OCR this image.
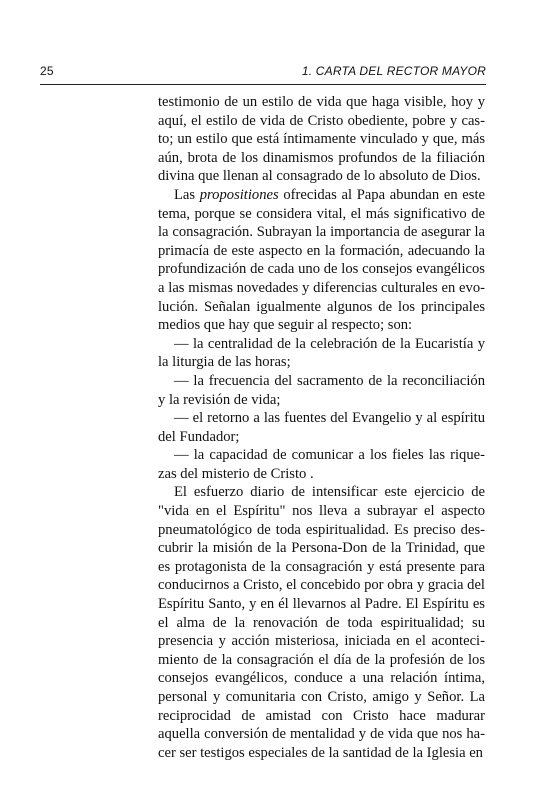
25	1. CARTA DEL RECTOR MAYOR

testimonio de un estilo de vida que haga visible, hoy y aquí, el estilo de vida de Cristo obediente, pobre y casto; un estilo que está íntimamente vinculado y que, más aún, brota de los dinamismos profundos de la filiación divina que llenan al consagrado de lo absoluto de Dios.

Las propositiones ofrecidas al Papa abundan en este tema, porque se considera vital, el más significativo de la consagración. Subrayan la importancia de asegurar la primacía de este aspecto en la formación, adecuando la profundización de cada uno de los consejos evangélicos a las mismas novedades y diferencias culturales en evolución. Señalan igualmente algunos de los principales medios que hay que seguir al respecto; son:

— la centralidad de la celebración de la Eucaristía y la liturgia de las horas;

— la frecuencia del sacramento de la reconciliación y la revisión de vida;

— el retorno a las fuentes del Evangelio y al espíritu del Fundador;

— la capacidad de comunicar a los fieles las riquezas del misterio de Cristo .

El esfuerzo diario de intensificar este ejercicio de "vida en el Espíritu" nos lleva a subrayar el aspecto pneumatológico de toda espiritualidad. Es preciso descubrir la misión de la Persona-Don de la Trinidad, que es protagonista de la consagración y está presente para conducirnos a Cristo, el concebido por obra y gracia del Espíritu Santo, y en él llevarnos al Padre. El Espíritu es el alma de la renovación de toda espiritualidad; su presencia y acción misteriosa, iniciada en el acontecimiento de la consagración el día de la profesión de los consejos evangélicos, conduce a una relación íntima, personal y comunitaria con Cristo, amigo y Señor. La reciprocidad de amistad con Cristo hace madurar aquella conversión de mentalidad y de vida que nos hacer ser testigos especiales de la santidad de la Iglesia en
